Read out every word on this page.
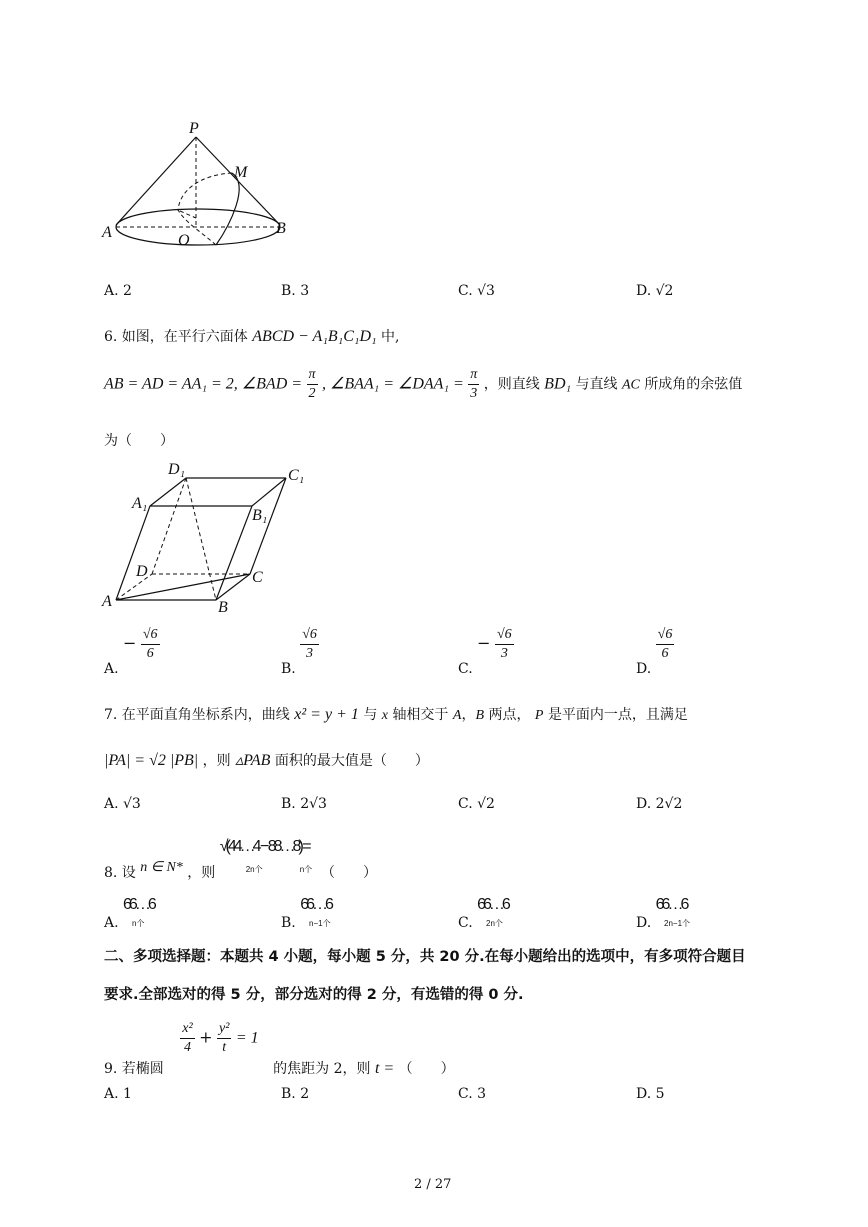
P
M
A	O
B
A. 2	B. 3	C. √3	D. √2
6. 如图，在平行六面体 ABCD − A₁B₁C₁D₁ 中,
AB = AD = AA₁ = 2, ∠BAD = $\frac{\pi}{2}$ , ∠BAA₁ = ∠DAA₁ = $\frac{\pi}{3}$ ，则直线 BD₁ 与直线 AC 所成角的余弦值
为（　　）
D₁	C₁
A₁
B₁
D	C
A	B
A. − $\frac{√6}{6}$
B.
$\frac{√6}{3}$
C. − $\frac{√6}{3}$
D.
$\frac{√6}{6}$
7. 在平面直角坐标系内，曲线 x² = y + 1 与 x 轴相交于 A，B 两点， P 是平面内一点，且满足
|PA| = √2 |PB| ，则 ▵PAB 面积的最大值是（　　）
A. √3	B. 2√3	C. √2	D. 2√2
8. 设 n ∈ N* ，则 √(44…4 − 88…8) =
2n个	n个 （　　）
A. 66…6
n个	B. 66…6
n−1个	C. 66…6
2n个	D. 66…6
2n−1个
二、多项选择题：本题共 4 小题，每小题 5 分，共 20 分.在每小题给出的选项中，有多项符合题目
要求.全部选对的得 5 分，部分选对的得 2 分，有选错的得 0 分.
9. 若椭圆
$\frac{\text{x²}}{4} + \frac{\text{y²}}{t} = 1$ 的焦距为 2，则 t = （　　）
A. 1	B. 2	C. 3	D. 5
2 / 27
